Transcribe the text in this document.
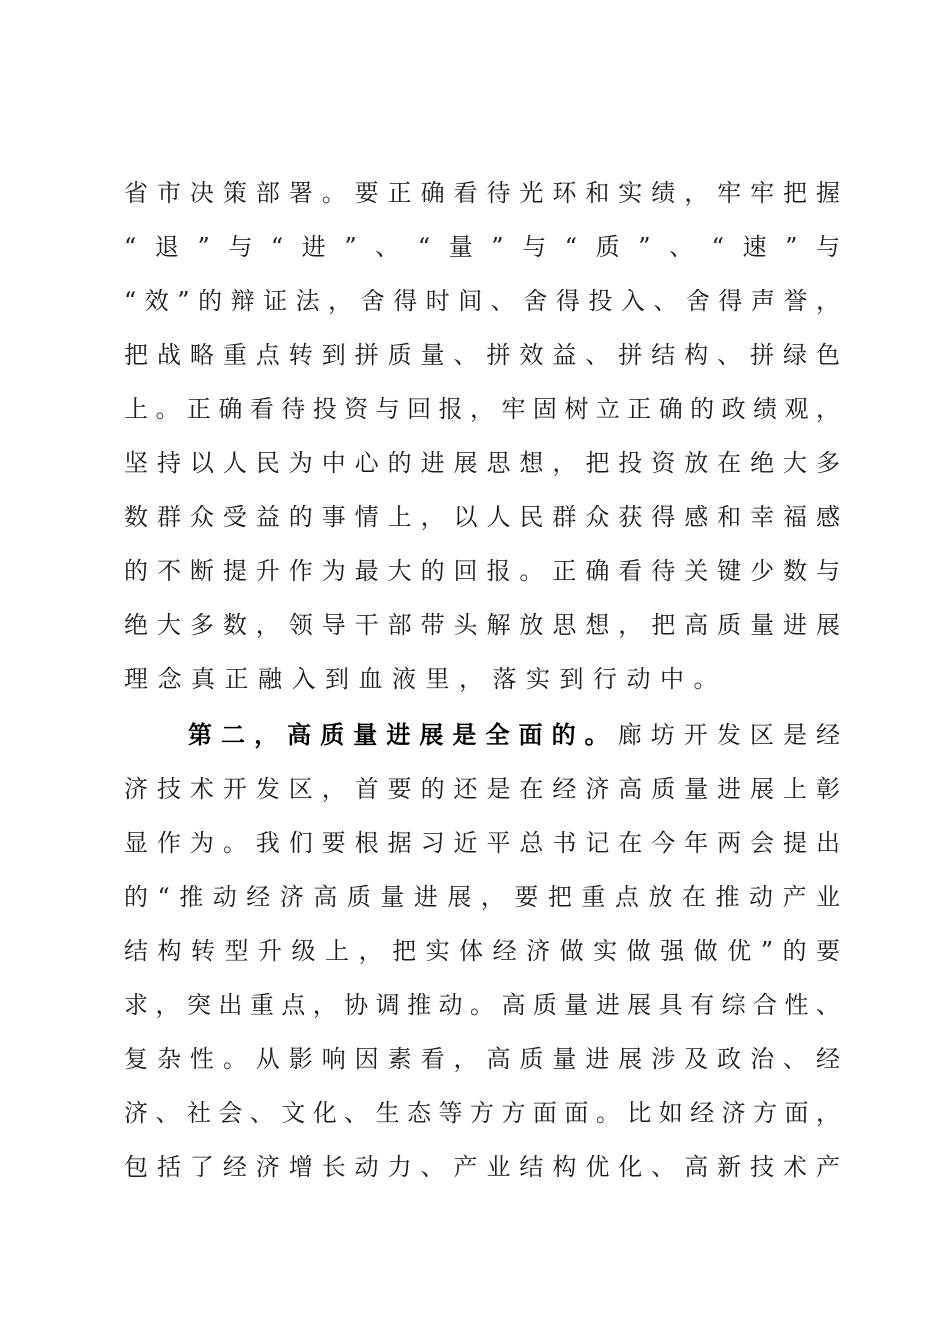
省市决策部署。要正确看待光环和实绩，牢牢把握
“退”与“进”、“量”与“质”、“速”与
“效”的辩证法，舍得时间、舍得投入、舍得声誉，
把战略重点转到拼质量、拼效益、拼结构、拼绿色
上。正确看待投资与回报，牢固树立正确的政绩观，
坚持以人民为中心的进展思想，把投资放在绝大多
数群众受益的事情上，以人民群众获得感和幸福感
的不断提升作为最大的回报。正确看待关键少数与
绝大多数，领导干部带头解放思想，把高质量进展
理念真正融入到血液里，落实到行动中。
第二，高质量进展是全面的。廊坊开发区是经
济技术开发区，首要的还是在经济高质量进展上彰
显作为。我们要根据习近平总书记在今年两会提出
的“推动经济高质量进展，要把重点放在推动产业
结构转型升级上，把实体经济做实做强做优”的要
求，突出重点，协调推动。高质量进展具有综合性、
复杂性。从影响因素看，高质量进展涉及政治、经
济、社会、文化、生态等方方面面。比如经济方面，
包括了经济增长动力、产业结构优化、高新技术产
